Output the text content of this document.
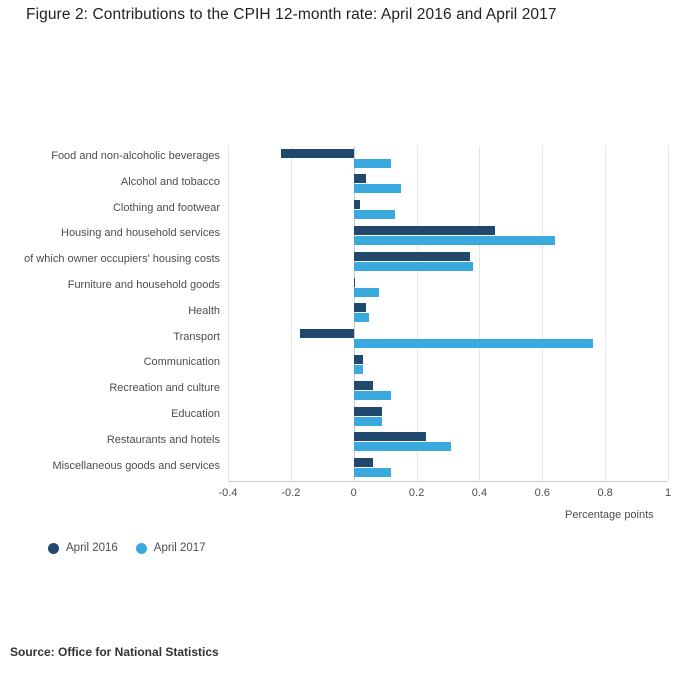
Figure 2: Contributions to the CPIH 12-month rate: April 2016 and April 2017
-0.4	-0.2	0	0.2	0.4	0.6	0.8	1
Food and non-alcoholic beverages
Alcohol and tobacco
Clothing and footwear
Housing and household services
of which owner occupiers' housing costs
Furniture and household goods
Health
Transport
Communication
Recreation and culture
Education
Restaurants and hotels
Miscellaneous goods and services
Percentage points
April 2016	April 2017
Source: Office for National Statistics
